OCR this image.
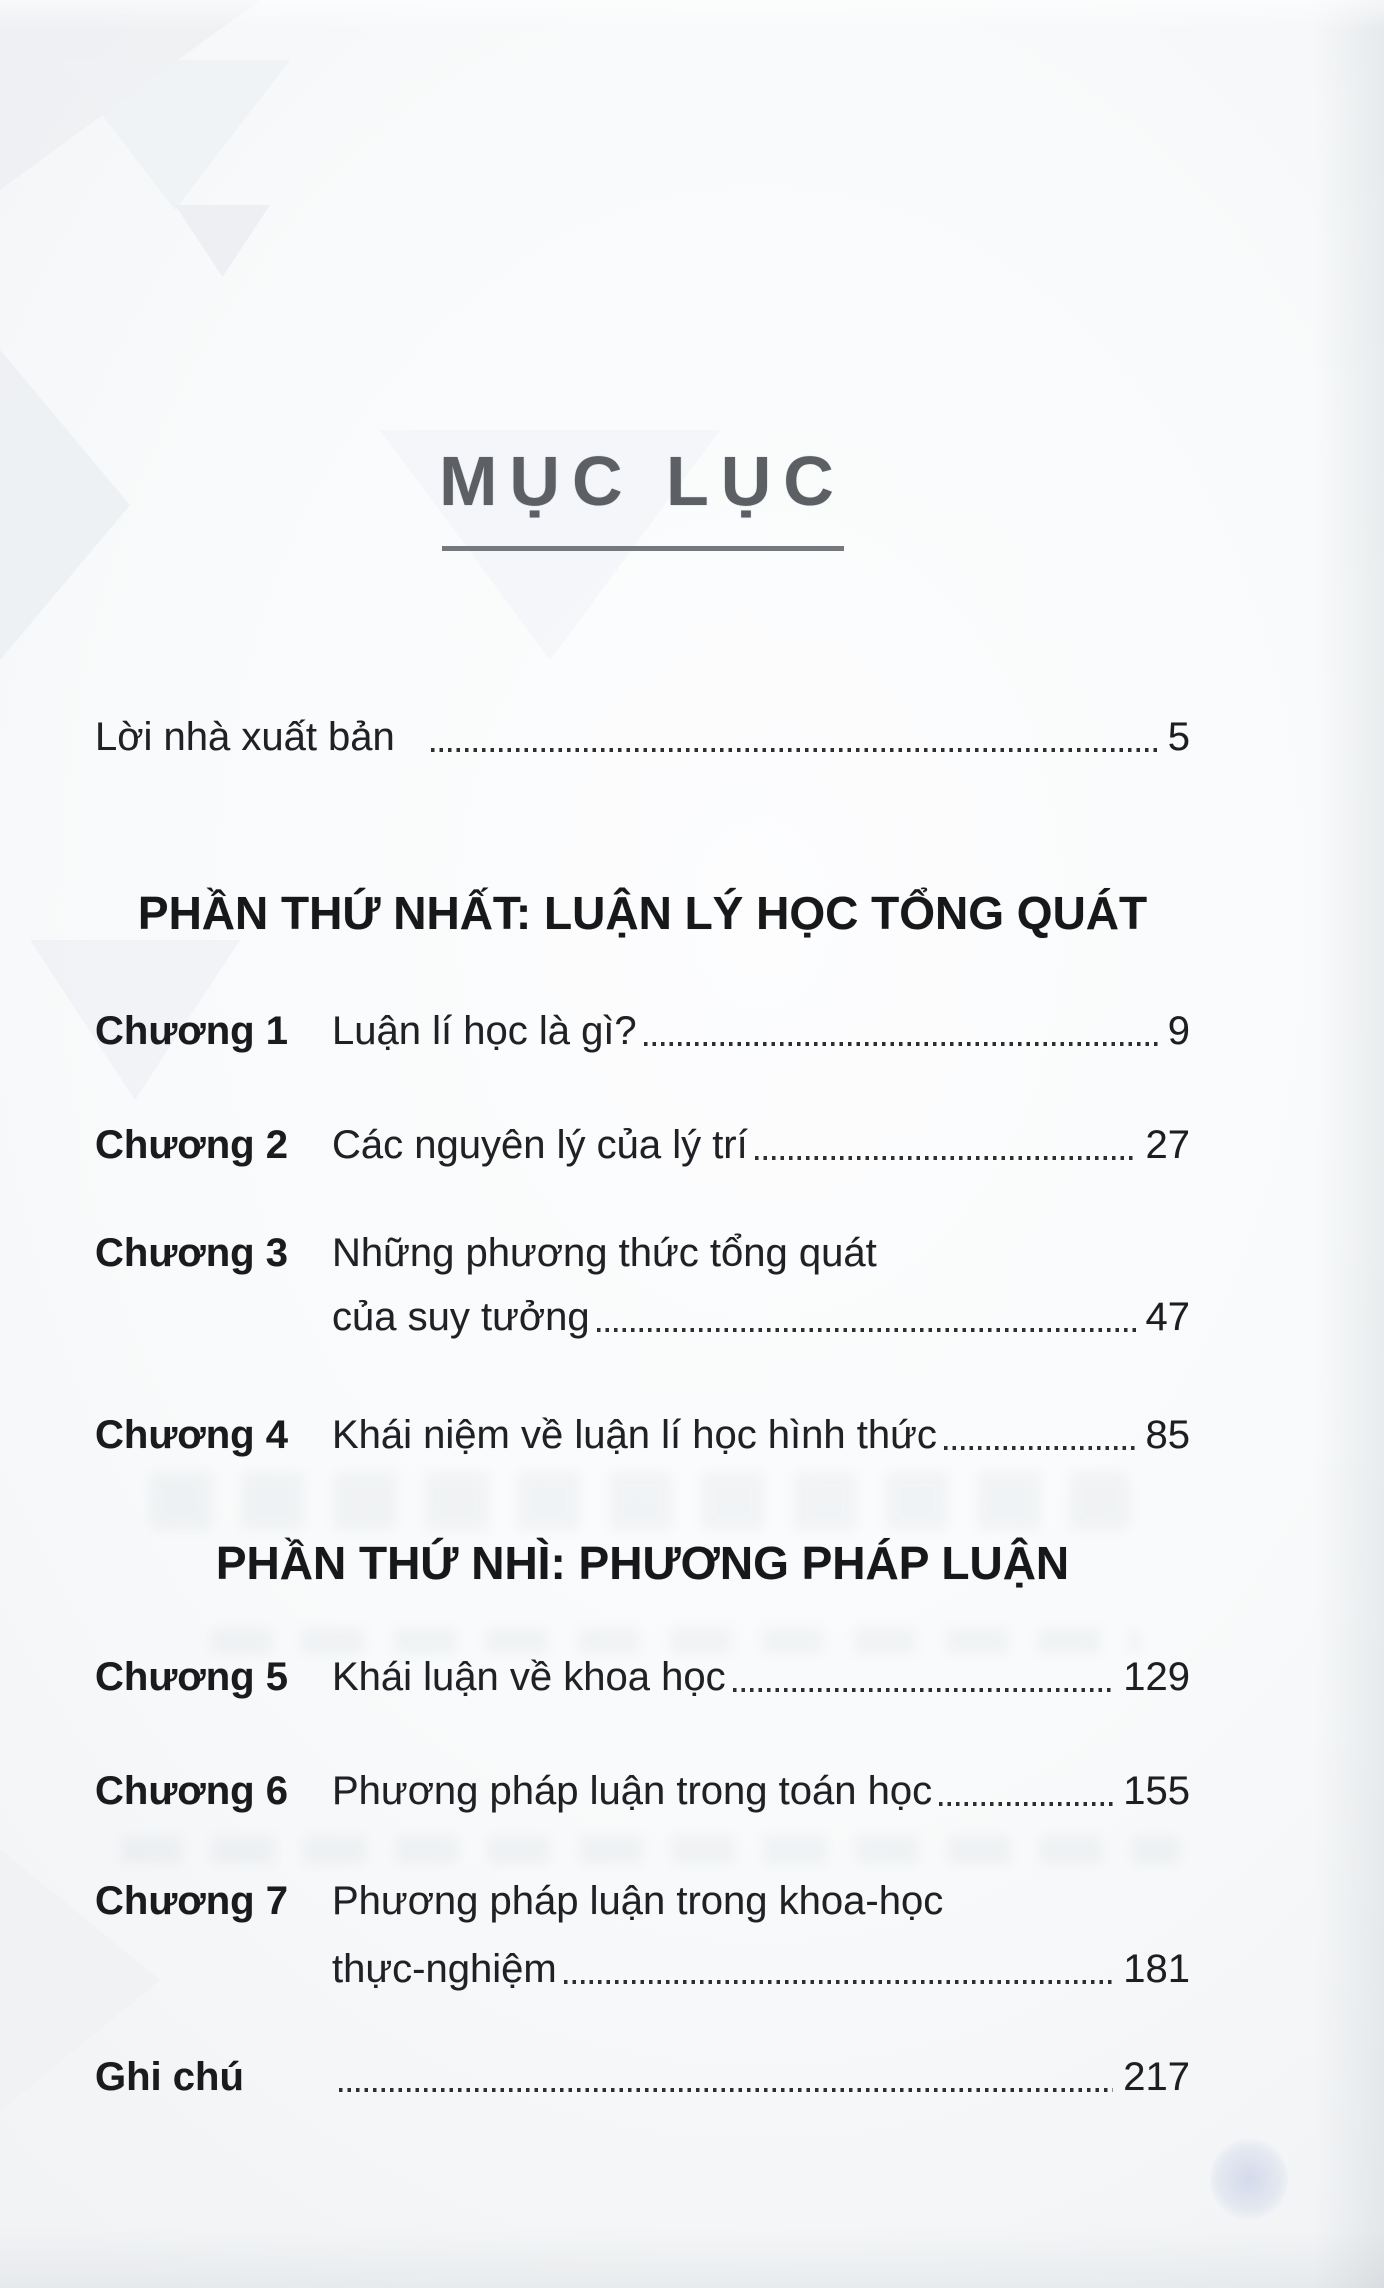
MỤC LỤC
Lời nhà xuất bản	5
PHẦN THỨ NHẤT: LUẬN LÝ HỌC TỔNG QUÁT
Chương 1	Luận lí học là gì?	9
Chương 2	Các nguyên lý của lý trí	27
Chương 3	Những phương thức tổng quát
của suy tưởng	47
Chương 4	Khái niệm về luận lí học hình thức	85
PHẦN THỨ NHÌ: PHƯƠNG PHÁP LUẬN
Chương 5	Khái luận về khoa học	129
Chương 6	Phương pháp luận trong toán học	155
Chương 7	Phương pháp luận trong khoa-học
thực-nghiệm	181
Ghi chú	217
